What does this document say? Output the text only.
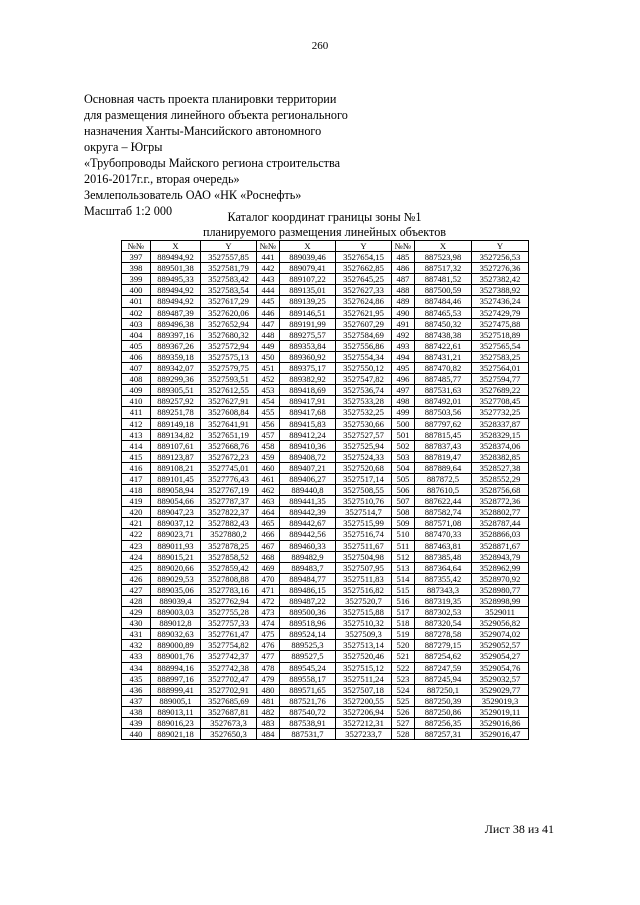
260
Основная часть проекта планировки территории
для размещения линейного объекта регионального
назначения Ханты-Мансийского автономного
округа – Югры
«Трубопроводы Майского региона строительства
2016-2017г.г., вторая очередь»
Землепользователь ОАО «НК «Роснефть»
Масштаб 1:2 000	Каталог координат границы зоны №1
планируемого размещения линейных объектов
№№	X	Y	№№	X	Y	№№	X	Y
397	889494,92	3527557,85	441	889039,46	3527654,15	485	887523,98	3527256,53
398	889501,38	3527581,79	442	889079,41	3527662,85	486	887517,32	3527276,36
399	889495,33	3527583,42	443	889107,22	3527645,25	487	887481,52	3527382,42
400	889494,92	3527583,54	444	889135,01	3527627,33	488	887500,59	3527388,92
401	889494,92	3527617,29	445	889139,25	3527624,86	489	887484,46	3527436,24
402	889487,39	3527620,06	446	889146,51	3527621,95	490	887465,53	3527429,79
403	889496,38	3527652,94	447	889191,99	3527607,29	491	887450,32	3527475,88
404	889397,16	3527680,32	448	889275,57	3527584,69	492	887438,38	3527518,89
405	889367,26	3527572,94	449	889353,84	3527556,86	493	887422,61	3527565,54
406	889359,18	3527575,13	450	889360,92	3527554,34	494	887431,21	3527583,25
407	889342,07	3527579,75	451	889375,17	3527550,12	495	887470,82	3527564,01
408	889299,36	3527593,51	452	889382,92	3527547,82	496	887485,77	3527594,77
409	889305,51	3527612,55	453	889418,69	3527536,74	497	887531,63	3527689,22
410	889257,92	3527627,91	454	889417,91	3527533,28	498	887492,01	3527708,45
411	889251,78	3527608,84	455	889417,68	3527532,25	499	887503,56	3527732,25
412	889149,18	3527641,91	456	889415,83	3527530,66	500	887797,62	3528337,87
413	889134,82	3527651,19	457	889412,24	3527527,57	501	887815,45	3528329,15
414	889107,61	3527668,76	458	889410,36	3527525,94	502	887837,43	3528374,06
415	889123,87	3527672,23	459	889408,72	3527524,33	503	887819,47	3528382,85
416	889108,21	3527745,01	460	889407,21	3527520,68	504	887889,64	3528527,38
417	889101,45	3527776,43	461	889406,27	3527517,14	505	887872,5	3528552,29
418	889058,94	3527767,19	462	889440,8	3527508,55	506	887610,5	3528756,68
419	889054,66	3527787,37	463	889441,35	3527510,76	507	887622,44	3528772,36
420	889047,23	3527822,37	464	889442,39	3527514,7	508	887582,74	3528802,77
421	889037,12	3527882,43	465	889442,67	3527515,99	509	887571,08	3528787,44
422	889023,71	3527880,2	466	889442,56	3527516,74	510	887470,33	3528866,03
423	889011,93	3527878,25	467	889460,33	3527511,67	511	887463,81	3528871,67
424	889015,21	3527858,52	468	889482,9	3527504,98	512	887385,48	3528943,79
425	889020,66	3527859,42	469	889483,7	3527507,95	513	887364,64	3528962,99
426	889029,53	3527808,88	470	889484,77	3527511,83	514	887355,42	3528970,92
427	889035,06	3527783,16	471	889486,15	3527516,82	515	887343,3	3528980,77
428	889039,4	3527762,94	472	889487,22	3527520,7	516	887319,35	3528998,99
429	889003,03	3527755,28	473	889500,36	3527515,88	517	887302,53	3529011
430	889012,8	3527757,33	474	889518,96	3527510,32	518	887320,54	3529056,82
431	889032,63	3527761,47	475	889524,14	3527509,3	519	887278,58	3529074,02
432	889000,89	3527754,82	476	889525,3	3527513,14	520	887279,15	3529052,57
433	889001,76	3527742,37	477	889527,5	3527520,46	521	887254,62	3529054,27
434	888994,16	3527742,38	478	889545,24	3527515,12	522	887247,59	3529054,76
435	888997,16	3527702,47	479	889558,17	3527511,24	523	887245,94	3529032,57
436	888999,41	3527702,91	480	889571,65	3527507,18	524	887250,1	3529029,77
437	889005,1	3527685,69	481	887521,76	3527200,55	525	887250,39	3529019,3
438	889013,11	3527687,81	482	887540,72	3527206,94	526	887250,86	3529019,11
439	889016,23	3527673,3	483	887538,91	3527212,31	527	887256,35	3529016,86
440	889021,18	3527650,3	484	887531,7	3527233,7	528	887257,31	3529016,47
Лист 38 из 41
